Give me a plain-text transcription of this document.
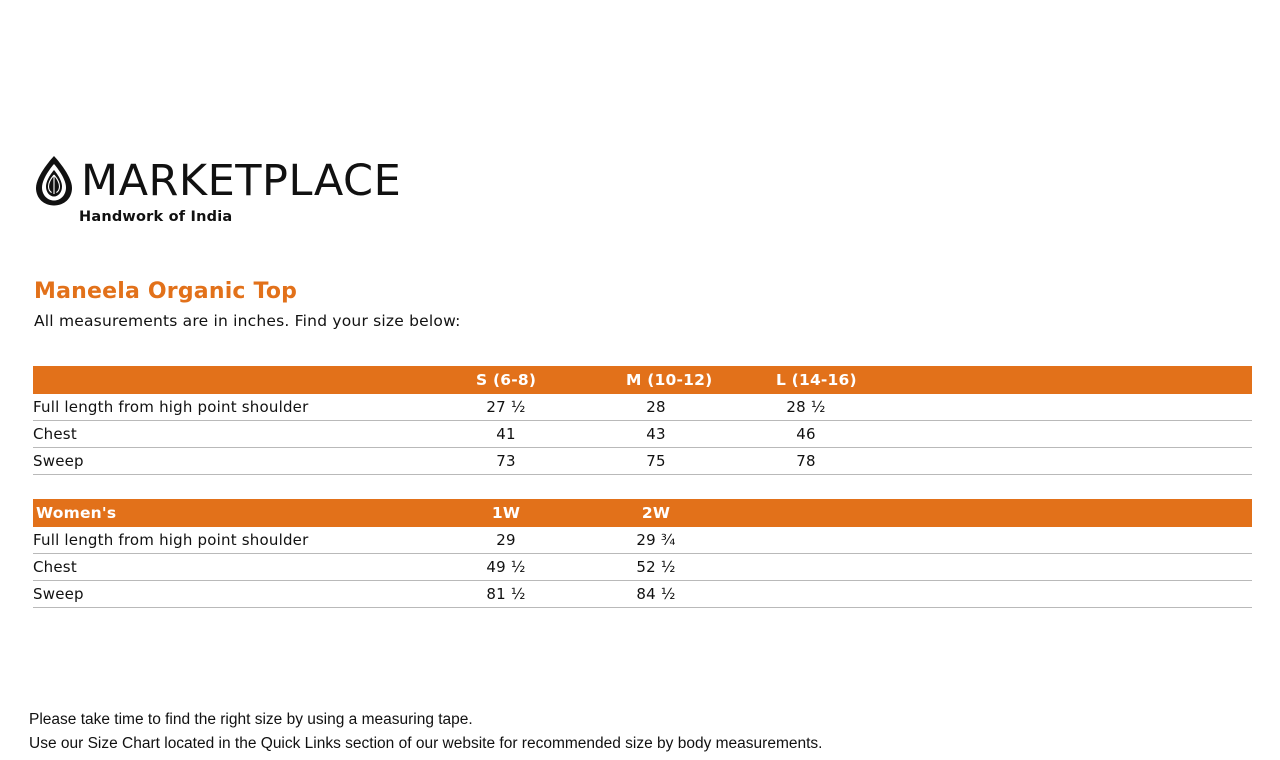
MARKETPLACE
Handwork of India
Maneela Organic Top
All measurements are in inches. Find your size below:
	S (6-8)	M (10-12)	L (14-16)
Full length from high point shoulder	27 ½	28	28 ½
Chest	41	43	46
Sweep	73	75	78
Women's	1W	2W
Full length from high point shoulder	29	29 ¾
Chest	49 ½	52 ½
Sweep	81 ½	84 ½
Please take time to find the right size by using a measuring tape.
Use our Size Chart located in the Quick Links section of our website for recommended size by body measurements.
